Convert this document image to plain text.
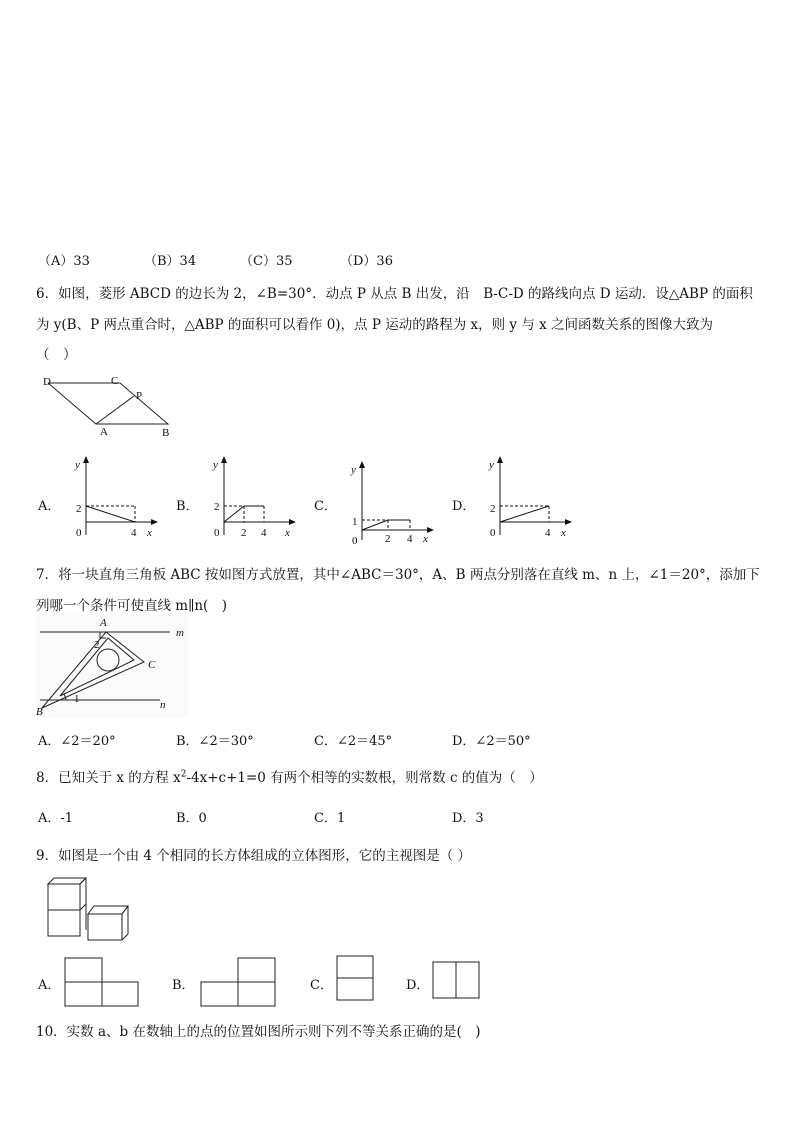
（A）33	（B）34	（C）35	（D）36
6．如图，菱形 ABCD 的边长为 2，∠B=30°．动点 P 从点 B 出发，沿　B-C-D 的路线向点 D 运动．设△ABP 的面积
为 y(B、P 两点重合时，△ABP 的面积可以看作 0)，点 P 运动的路程为 x，则 y 与 x 之间函数关系的图像大致为
（　）
D	C
P
A	B
A．	B．	C．	D．
y
x
2
0	4
y
x
2
0 2 4
y
x
1
0	2 4
y
x
2
0	4
7．将一块直角三角板 ABC 按如图方式放置，其中∠ABC＝30°，A、B 两点分别落在直线 m、n 上，∠1＝20°，添加下
列哪一个条件可使直线 m∥n(　)
A
C
B
m
n
1
2
A．∠2＝20°	B．∠2＝30°	C．∠2＝45°	D．∠2＝50°
8．已知关于 x 的方程 $x^2-4x+c+1=0$ 有两个相等的实数根，则常数 c 的值为（　）
A．-1	B．0	C．1	D．3
9．如图是一个由 4 个相同的长方体组成的立体图形，它的主视图是（ ）
A．	B．	C．	D．
10．实数 a、b 在数轴上的点的位置如图所示则下列不等关系正确的是(　)
